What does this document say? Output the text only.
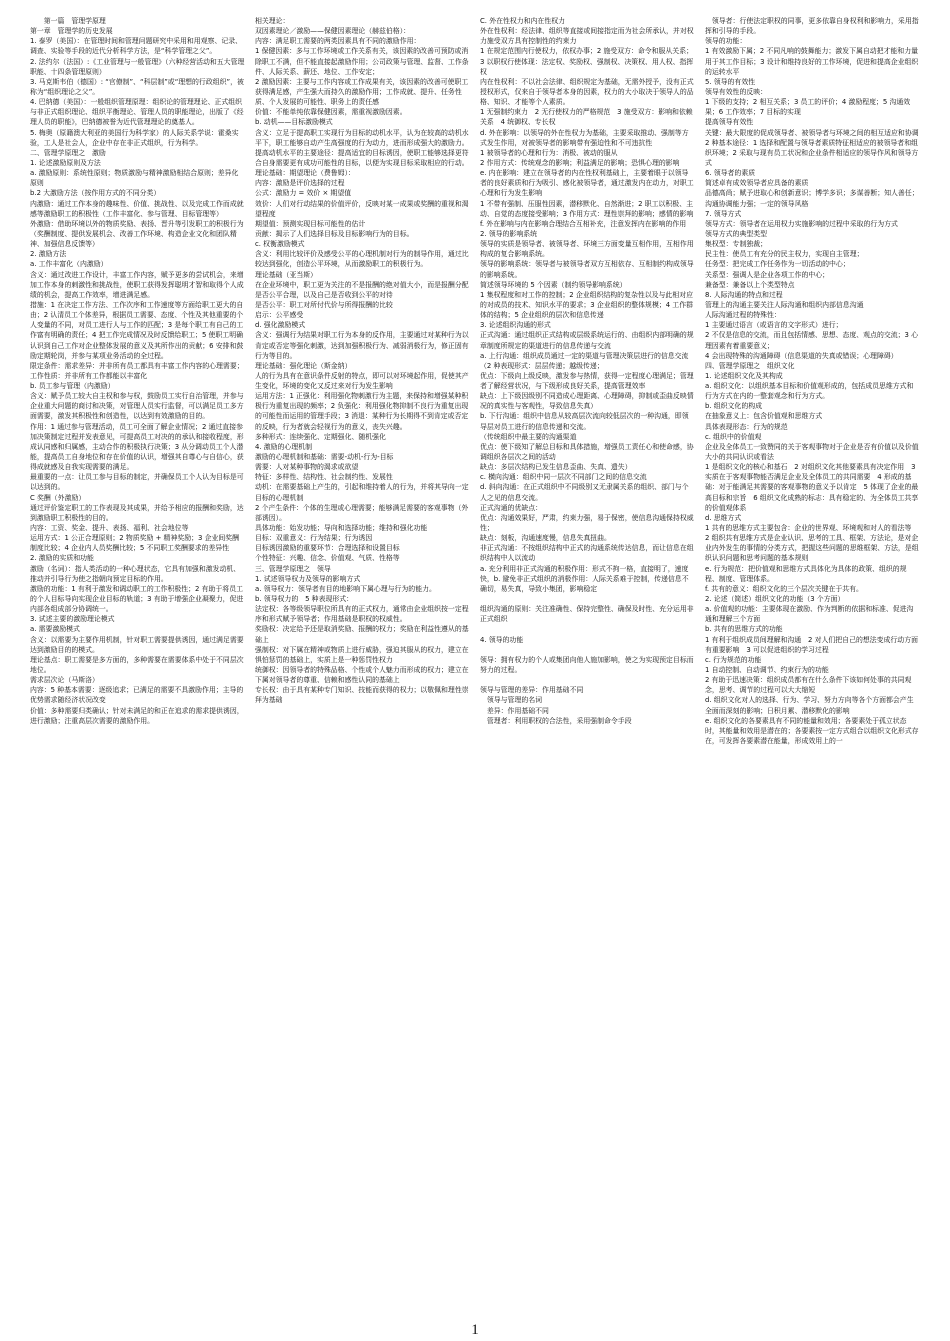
　　第一篇　管理学原理

第一章　管理学的历史发展

1. 泰罗（美国）：在管理时间和管理问题研究中采用和用观察、记录、调查、实验等手段的近代分析科学方法，是“科学管理之父”。

2. 法约尔（法国）:《工业管理与一般管理》（六种经营活动和五大管理职能、十四条管理原则）

3. 马克斯韦伯（德国）: “官僚制”、“科层制”或“理想的行政组织”，被称为“组织理论之父”。

4. 巴纳德（美国）：一般组织管理原理：组织论的管理理论、正式组织与非正式组织理论、组织平衡理论、管理人员的职能理论，出版了《经理人员的职能》，巴纳德被誉为近代管理理论的奠基人。

5. 梅奥（原籍澳大利亚的美国行为科学家）的人际关系学说：霍桑实验，工人是社会人，企业中存在非正式组织，行为科学。

二、管理学原理之　激励

1. 论述激励原则及方法

a. 激励原则：系统性原则；物质激励与精神激励相结合原则；差异化原则

b.2 大激励方法（按作用方式的不同分类）

内激励：通过工作本身的趣味性、价值、挑战性、以及完成工作而成就感等激励职工的积极性（工作丰富化、参与管理、目标管理等）

外激励：借助环境以外的物质奖励、表扬、晋升等引发职工的积极行为（奖酬制度、提供发展机会、改善工作环境、构造企业文化和团队精神、加强信息反馈等）

2. 激励方法

a. 工作丰富化（内激励）

含义：通过改进工作设计，丰富工作内容，赋予更多的尝试机会，来增加工作本身的刺激性和挑战性，使职工获得发挥聪明才智和取得个人成绩的机会，提高工作效率，增进满足感。

措施：1 在决定工作方法、工作次序和工作速度等方面给职工更大的自由；2 认清员工个体差异，根据员工需要、态度、个性及其他重要的个人变量的不同，对员工进行人与工作的匹配；3 是每个职工有自己的工作富有明确的责任；4 把工作完成情况及时反馈给职工；5 使职工明确认识到自己工作对企业整体发展的意义及其所作出的贡献；6 安排和鼓励定期轮岗，并参与某项业务活动的全过程。

限定条件：需求差异：并非所有员工都具有丰富工作内容的心理需要；工作性质：并非所有工作都能以丰富化

b. 员工参与管理（内激励）

含义：赋予员工较大自主权和参与权，鼓励员工实行自治管理，并参与企业重大问题的商讨和决策，对管理人员实行监督，可以满足员工多方面需要，激发其积极性和创造性，以达到有效激励的目的。

作用：1 通过参与管理活动，员工可全面了解企业情况；2 通过直接参加决策制定过程并发表意见，可提高员工对决的的承认和接收程度，形成认同感和归属感，主动合作的积极执行决策；3 从分调动员工个人潜能，提高员工自身地位和存在价值的认识，增强其自尊心与自信心，获得成就感及自我实现需要的满足。

最重要的一点：让员工参与目标的制定，并确保员工个人认为目标是可以达到的。

C 奖酬（外激励）

通过评价鉴定职工的工作表现及其成果，并给予相应的报酬和奖励，达到激励职工积极性的目的。

内容：工资、奖金、提升、表扬、福利、社会地位等

运用方式：1 公正合理原则；2 物质奖励 + 精神奖励；3 企业间奖酬制度比较；4 企业内人员奖酬比较；5 不同职工奖酬要求的差异性

2. 激励的实质和功能

激励（名词）：指人类活动的一种心理状态，它具有加强和激发动机、推动并引导行为使之指朝向预定目标的作用。

激励的功能：1 有利于激发和调动职工的工作积极性；2 有助于将员工的个人目标导向实现企业目标的轨道；3 有助于增强企业凝聚力，促进内部各组成部分协调统一。

3. 试述主要的激励理论模式

a. 需要激励模式

含义：以需要为主要作用机制，针对职工需要提供诱因，通过满足需要达到激励目的的模式。

理论基点：职工需要是多方面的，多种需要在需要体系中处于不同层次地位。

需求层次论（马斯洛）

内容：5 种基本需要：逐级追求；已满足的需要不具激励作用；主导的优势需求随经济状况改变

价值：多种需要归类确认；针对未满足的和正在追求的需求提供诱因，进行激励；注重高层次需要的激励作用。

相关理论：

双因素理论／激励——保健因素理论（赫兹伯格）：

内容：满足职工需要的两类因素具有不同的激励作用：

1 保健因素：多与工作环境或工作关系有关，该因素的改善可预防或消除职工不满，但不能直接起激励作用；公司政策与管理、监督、工作条件、人际关系、薪还、地位、工作安定；

2 激励因素：主要与工作内容或工作成果有关，该因素的改善可使职工获得满足感，产生强大而持久的激励作用；工作成就、提升、任务性质、个人发展的可能性、职务上的责任感

价值：不能单纯依靠保健因素，需重视激励因素。

b. 动机——目标激励模式

含义：立足于提高职工实现行为目标的动机水平，认为在较高的动机水平下，职工能够自动产生高强度的行为动力，进而形成强大的激励力。提高动机水平的主要途径：提高适宜的目标诱因，使职工能够选择更符合自身需要更有成功可能性的目标，以便为实现目标采取相应的行动。

理论基础：期望理论（费鲁姆）：

内容：激励是评价选择的过程

公式：激励力 = 效价 × 期望值

效价：人们对行动结果的价值评价，反映对某一成果或奖酬的重视和渴望程度

期望值：预测实现目标可能性的估计

贡献：揭示了人们选择目标及目标影响行为的目标。

c. 权衡激励模式

含义：利用比较评价及感受公平的心理机制对行为的制导作用，通过比较达到强化，创造公平环境，从而激励职工的积极行为。

理论基础（亚当斯）

在企业环境中，职工更为关注的不是报酬的绝对值大小，而是报酬分配是否公平合理，以及自己是否收到公平的对待

是否公平：职工对所付代价与所得报酬的比较

启示：公平感受

d. 强化激励模式

含义：强调行为结果对职工行为本身的反作用，主要通过对某种行为以肯定或否定等强化刺激，达到加强积极行为、减弱消极行为，修正固有行为等目的。

理论基础：强化理论（斯金纳）

人的行为具有在意识条件反射的特点，即可以对环境起作用，促使其产生变化，环境的变化又反过来对行为发生影响

运用方法：1 正强化：利用强化物刺激行为主题，来保持和增强某种积极行为重复出现的频率；2 负强化：利用强化物抑制不良行为重复出现的可能性而运用的管理手段；3 消退：某种行为长期得不到肯定或否定的反映，行为者就会轻视行为的意义，丧失兴趣。

多种形式：连续强化、定期强化、随机强化

4. 激励的心理机制

激励的心理机制和基础：需要-动机-行为-目标

需要：人对某种事物的渴求或欲望

特征：多样性、结构性、社会制约性、发展性

动机：在需要基础上产生的，引起和维持着人的行为，并将其导向一定目标的心理机制

2 个产生条件：个体的生理或心理需要；能够满足需要的客观事物（外部诱因）。

具体功能：始发功能；导向和选择功能；维持和强化功能

目标：双重意义：行为结果；行为诱因

目标诱因激励的重要环节：合理选择和设置目标

个性特征：兴趣、信念、价值观、气质、性格等

三、管理学原理之　领导

1. 试述领导权力及领导的影响方式

a. 领导权力：领导者有目的地影响下属心理与行为的能力。

b. 领导权力的　5 种表现形式：

法定权：各等级领导职位所具有的正式权力，通常由企业组织按一定程序和形式赋予领导者；作用基础是职权的权威性。

奖励权：决定给予还是取消奖励、报酬的权力；奖励在利益性遵从的基础上

强制权：对下属在精神或物质上进行威胁，强迫其服从的权力，建立在惧怕惩罚的基础上，实质上是一种惩罚性权力

统御权：因领导者的特殊品格、个性或个人魅力而形成的权力；建立在下属对领导者的尊重、信赖和感性认同的基础上

专长权：由于具有某种专门知识、技能而获得的权力；以敬佩和理性崇拜为基础

C. 外在性权力和内在性权力

外在性权利：经法律、组织等直接或间接指定而为社会所承认，并对权力施受双方具有控制性的约束力

1 在规定范围内行使权力，依权办事；2 施受双方：命令和服从关系；3 以职权行使体现：法定权、奖励权、强制权、决策权、用人权、指挥权

内在性权利：不以社会法律、组织规定为基础，无需外授予，没有正式授权形式，仅来自于领导者本身的因素，权力的大小取决于领导人的品格、知识、才能等个人素质。

1 无强制约束力　2 无行使权力的严格规范　3 施受双方：影响和依赖关系　4 统御权、专长权

d. 外在影响：以领导的外在性权力为基础，主要采取推动、强制等方式发生作用，对被领导者的影响带有强迫性和不可违抗性

1 被领导者的心理和行为：消极、被动的服从

2 作用方式：传统观念的影响；利益满足的影响；恐惧心理的影响

e. 内在影响：建立在领导者的内在性权利基础上，主要着眼于以领导者的良好素质和行为吸引、感化被领导者，通过激发内在动力，对职工心理和行为发生影响

1 不带有强制、压服性因素，潜移默化、自然渐进；2 职工以积极、主动、自觉的态度接受影响；3 作用方式：理性崇拜的影响；感情的影响

f. 外在影响与内在影响合理结合互相补充，注意发挥内在影响的作用

2. 领导的影响系统

领导的实质是领导者、被领导者、环境三方面变量互相作用，互相作用构成的复合影响系统。

领导的影响系统：领导者与被领导者双方互相依存、互相制约构成领导的影响系统。

简述领导环境的 5 个因素（制约领导影响系统）

1 集权程度和对工作的控制；2 企业组织结构的复杂性以及与此相对应的对成员的技术、知识水平的要求；3 企业组织的整体规模；4 工作群体的结构；5 企业组织的层次和信息传递

3. 论述组织沟通的形式

正式沟通：通过组织正式结构或层级系统运行的、由组织内部明确的规章制度所规定的渠道进行的信息传递与交流

a. 上行沟通：组织成员通过一定的渠道与管理决策层进行的信息交流

（2 种表现形式：层层传递；越级传递；

优点：下级向上级反映，激发参与热情，获得一定程度心理满足；管理者了解经营状况，与下级形成良好关系，提高管理效率

缺点：上下级因级别不同造成心理距离、心理障碍，抑制或歪曲反映情况的真实性与客观性，导致信息失真）

b. 下行沟通：组织中信息从较高层次流向较低层次的一种沟通，即领导层对员工进行的信息传递和交流。

（传统组织中最主要的沟通渠道

优点：使下级知了解总目标和具体措施，增强员工责任心和使命感，协调组织各层次之间的活动

缺点：多层次结构已发生信息歪曲、失真、遗失）

c. 横向沟通：组织中同一层次不同部门之间的信息交流

d. 斜向沟通：在正式组织中不同级别又无隶属关系的组织、部门与个人之见的信息交流。

正式沟通的优缺点：

优点：沟通效果好，严肃，约束力强，易于保密，使信息沟通保持权威性；

缺点：刻板，沟通速度慢，信息失真扭曲。

非正式沟通：不按组织结构中正式的沟通系统传达信息，而让信息在组织结构中人以流动

a. 充分利用非正式沟通的积极作用：形式不拘一格，直接明了，速度快，b. 避免非正式组织的消极作用：人际关系难于控制，传递信息不确切，易失真，导致小集团，影响稳定

组织沟通的原则：关注准确性、保持完整性、确保及时性、充分运用非正式组织

4. 领导的功能

领导：拥有权力的个人或集团向他人施加影响，使之为实现预定目标而努力的过程。

领导与管理的差异：作用基础不同

　领导与管理的名词

　差异：作用基础不同

　管理者：利用职权的合法性，采用强制命令手段

　领导者：行使法定职权的同事，更多依靠自身权利和影响力，采用指挥和引导的手段。

领导的功能：

1 有效激励下属；2 不同凡响的鼓舞能力；激发下属自动把才能和力量用于其工作目标；3 设计和维持良好的工作环境，促进和提高企业组织的运转水平

5. 领导的有效性

领导有效性的反映：

1 下级的支持；2 相互关系；3 员工的评价；4 激励程度；5 沟通效果；6 工作效率；7 目标的实现

提高领导有效性

关键：最大限度的促成领导者、被领导者与环境之间的相互适应和协调

2 种基本途径：1 选择和配置与领导者素质特征相适应的被领导者和组织环境；2 采取与现有员工状况和企业条件相适应的领导作风和领导方式

6. 领导者的素质

简述卓有成效领导者应具备的素质

品德高尚；赋予进取心和创新意识；博学多识；多谋善断；知人善任；沟通协调能力强；一定的领导风格

7. 领导方式

领导方式：领导者在运用权力实施影响的过程中采取的行为方式

领导方式的典型类型

集权型：专制独裁；

民主性：使员工有充分的民主权力，实现自主管理；

任务型：把完成工作任务作为一切活动的中心；

关系型：强调人是企业各项工作的中心；

兼备型：兼备以上个类型特点

8. 人际沟通的特点和过程

管理上的沟通主要关注人际沟通和组织内部信息沟通

人际沟通过程的特殊性：

1 主要通过语言（或语言的文字形式）进行；

2 不仅是信息的交流，而且包括情感、思想、态度、观点的交流；3 心理因素有着重要意义；

4 会出现特殊的沟通障碍（信息渠道的失真或错误；心理障碍）

四、管理学原理之　组织文化

1. 论述组织文化及其构成

a. 组织文化：以组织基本目标和价值观形成的，包括成员思维方式和行为方式在内的一整套观念和行为方式。

b. 组织文化的构成

在抽象意义上：包含价值观和思维方式

具体表现形态：行为的规范

c. 组织中的价值观

企业及全体员工一致赞同的关于客观事物对于企业是否有价值以及价值大小的共同认识或看法

1 是组织文化的核心和基石　2 对组织文化其他要素具有决定作用　3 实质在于客观事物能否满足企业及全体员工的共同需要　4 形成的基础：对于能满足其需要的客观事物的意义予以肯定　5 体现了企业的最高目标和宗旨　6 组织文化成熟的标志：具有稳定的、为全体员工共享的价值观体系

d. 思维方式

1 共有的思维方式主要包含：企业的世界观、环境观和对人的看法等

2 组织共有思维方式是企业认识、思考的工具、框架、方法论，是对企业内外发生的事情的分类方式，把握这些问题的思维框架、方法，是组织认识问题和思考问题的基本规则

e. 行为规范：把价值观和思维方式具体化为具体的政策、组织的规程、制度、管理体系。

f. 共有的意义：组织文化的三个层次关键在于共有。

2. 论述（简述）组织文化的功能（3 个方面）

a. 价值观的功能：主要体现在激励、作为判断的依据和标准、促进沟通和理解三个方面

b. 共有的思维方式的功能

1 有利于组织成员间理解和沟通　2 对人们把自己的想法变成行动方面有重要影响　3 可以促进组织的学习过程

c. 行为规范的功能

1 自动控制、自动调节、约束行为的功能

2 有助于迅速决策：组织成员都有在什么条件下该如何处事的共同观念，思考、调节的过程可以大大缩短

d. 组织文化对人的选择、行为、学习、努力方向等各个方面都会产生全面而深刻的影响；日积月累、潜移默化的影响

e. 组织文化的各要素具有不同的能量和效用；各要素处于孤立状态时，其能量和效用是潜在的；各要素按一定方式组合以组织文化形式存在，可发挥各要素潜在能量，形成效用上的一

1
